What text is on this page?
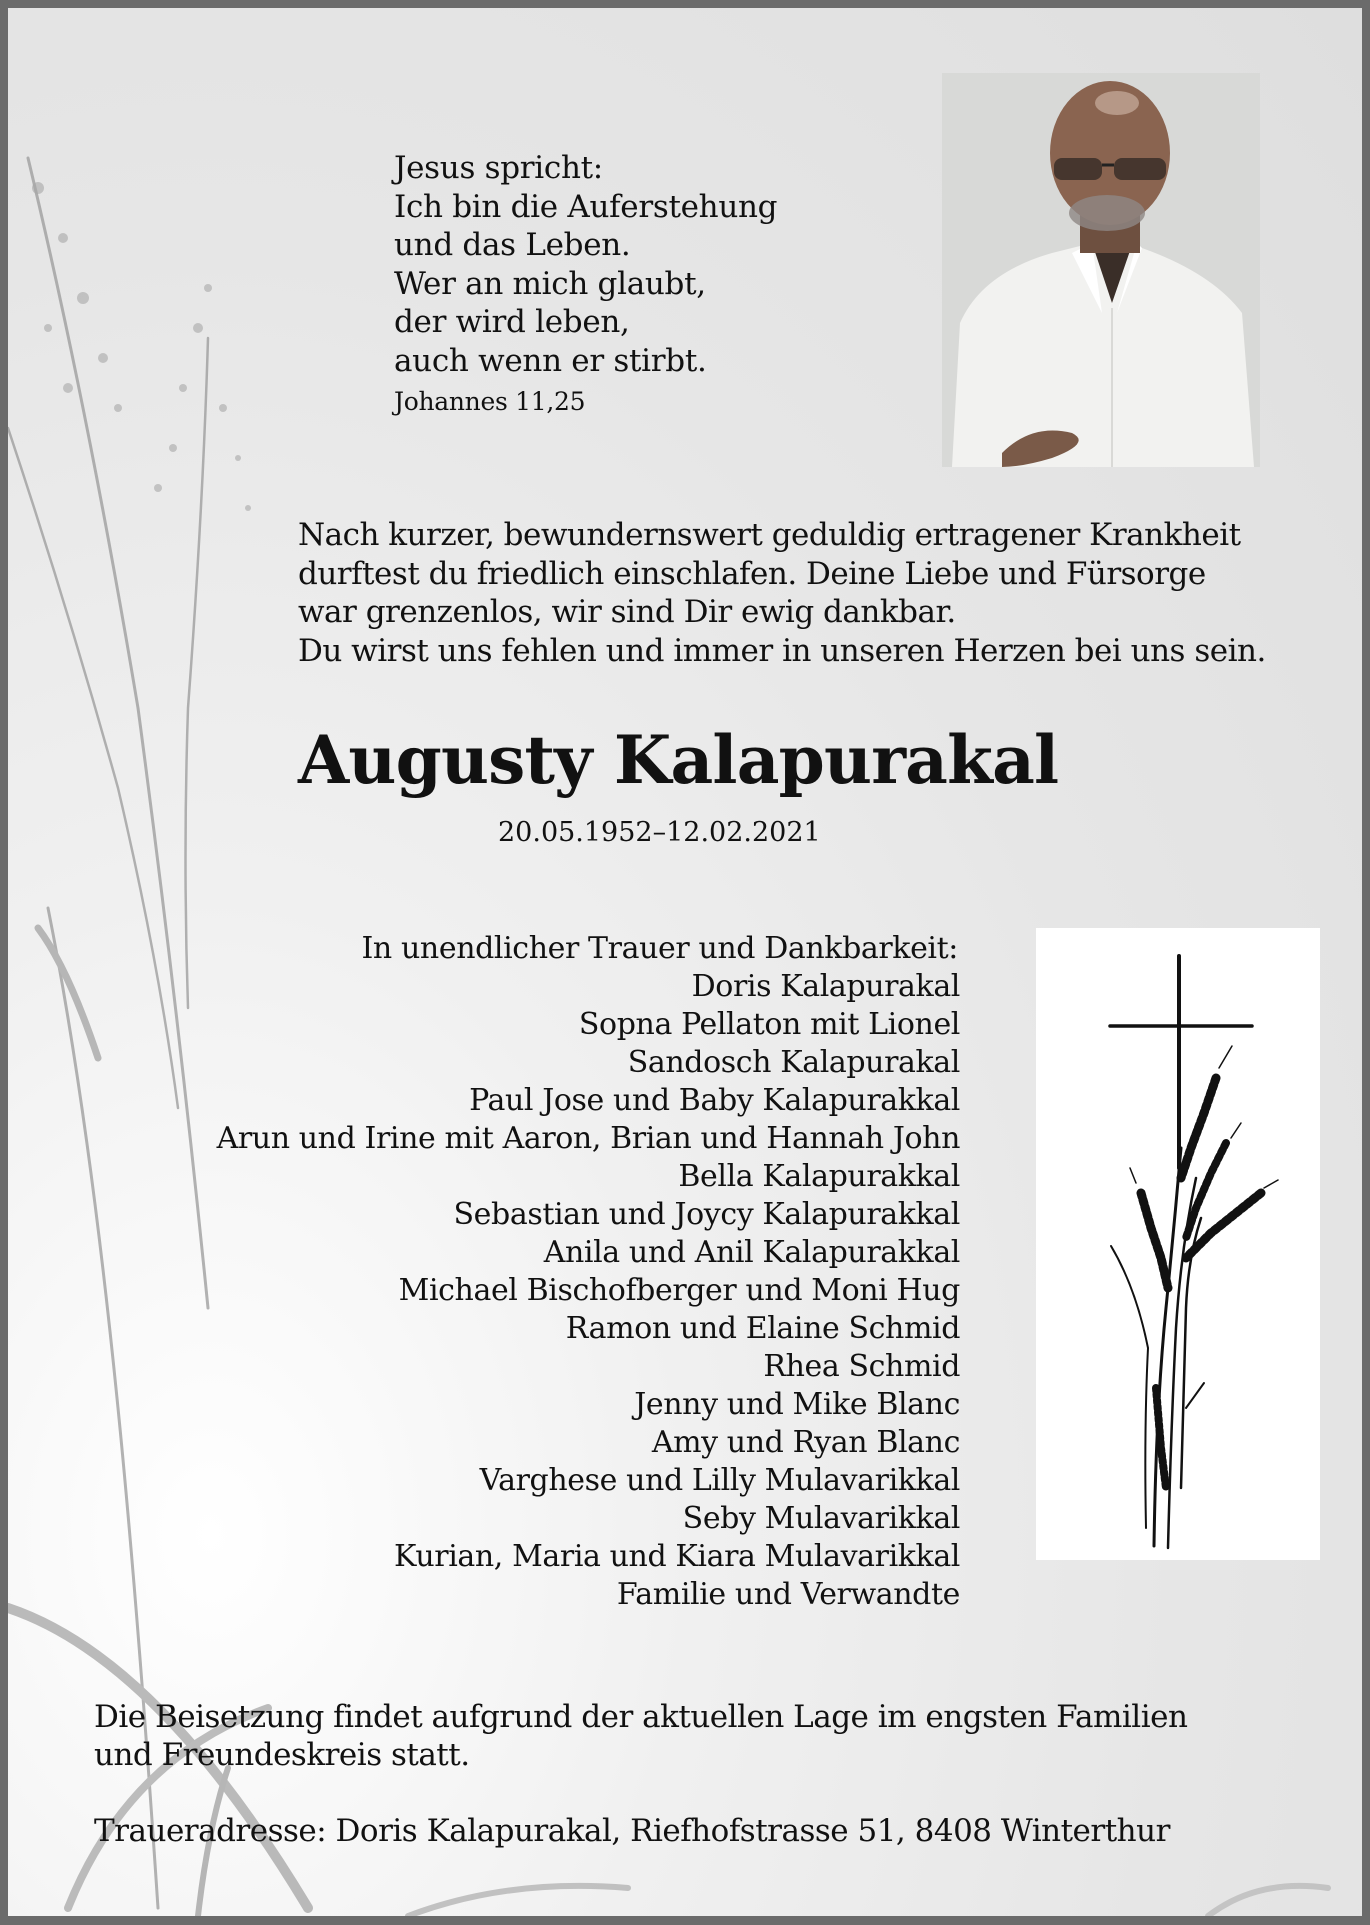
Jesus spricht:
Ich bin die Auferstehung
und das Leben.
Wer an mich glaubt,
der wird leben,
auch wenn er stirbt.
Johannes 11,25
Nach kurzer, bewundernswert geduldig ertragener Krankheit
durftest du friedlich einschlafen. Deine Liebe und Fürsorge
war grenzenlos, wir sind Dir ewig dankbar.
Du wirst uns fehlen und immer in unseren Herzen bei uns sein.
Augusty Kalapurakal
20.05.1952–12.02.2021
In unendlicher Trauer und Dankbarkeit:
Doris Kalapurakal
Sopna Pellaton mit Lionel
Sandosch Kalapurakal
Paul Jose und Baby Kalapurakkal
Arun und Irine mit Aaron, Brian und Hannah John
Bella Kalapurakkal
Sebastian und Joycy Kalapurakkal
Anila und Anil Kalapurakkal
Michael Bischofberger und Moni Hug
Ramon und Elaine Schmid
Rhea Schmid
Jenny und Mike Blanc
Amy und Ryan Blanc
Varghese und Lilly Mulavarikkal
Seby Mulavarikkal
Kurian, Maria und Kiara Mulavarikkal
Familie und Verwandte
Die Beisetzung findet aufgrund der aktuellen Lage im engsten Familien
und Freundeskreis statt.
Traueradresse: Doris Kalapurakal, Riefhofstrasse 51, 8408 Winterthur
